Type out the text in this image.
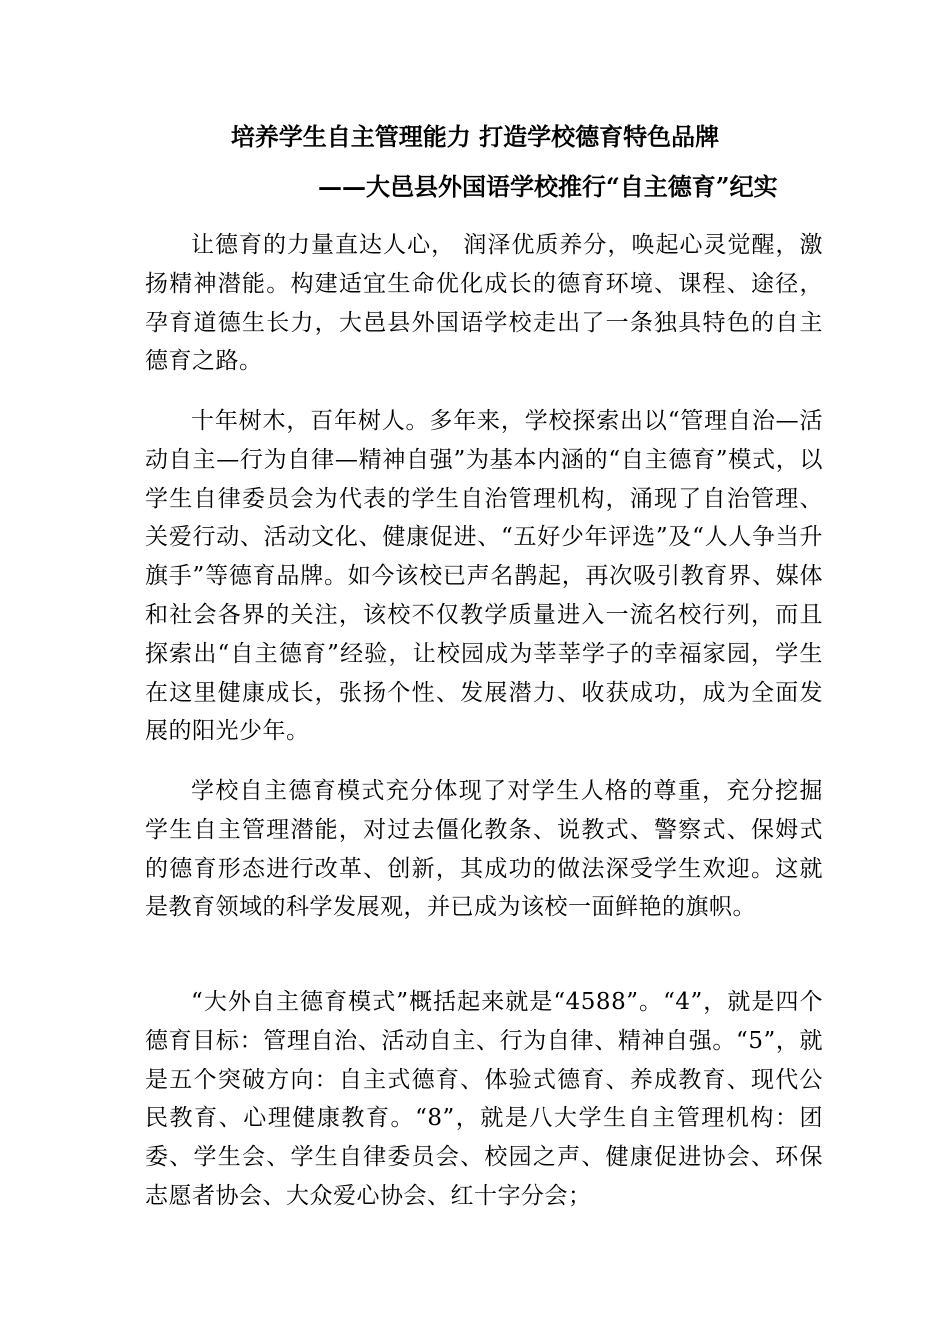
培养学生自主管理能力 打造学校德育特色品牌
——大邑县外国语学校推行“自主德育”纪实

让德育的力量直达人心， 润泽优质养分，唤起心灵觉醒，激扬精神潜能。构建适宜生命优化成长的德育环境、课程、途径，孕育道德生长力，大邑县外国语学校走出了一条独具特色的自主德育之路。

十年树木，百年树人。多年来，学校探索出以“管理自治—活动自主—行为自律—精神自强”为基本内涵的“自主德育”模式，以学生自律委员会为代表的学生自治管理机构，涌现了自治管理、关爱行动、活动文化、健康促进、“五好少年评选”及“人人争当升旗手”等德育品牌。如今该校已声名鹊起，再次吸引教育界、媒体和社会各界的关注，该校不仅教学质量进入一流名校行列，而且探索出“自主德育”经验，让校园成为莘莘学子的幸福家园，学生在这里健康成长，张扬个性、发展潜力、收获成功，成为全面发展的阳光少年。

学校自主德育模式充分体现了对学生人格的尊重，充分挖掘学生自主管理潜能，对过去僵化教条、说教式、警察式、保姆式的德育形态进行改革、创新，其成功的做法深受学生欢迎。这就是教育领域的科学发展观，并已成为该校一面鲜艳的旗帜。

“大外自主德育模式”概括起来就是“4588”。“4”，就是四个德育目标：管理自治、活动自主、行为自律、精神自强。“5”，就是五个突破方向：自主式德育、体验式德育、养成教育、现代公民教育、心理健康教育。“8”，就是八大学生自主管理机构：团委、学生会、学生自律委员会、校园之声、健康促进协会、环保志愿者协会、大众爱心协会、红十字分会；
